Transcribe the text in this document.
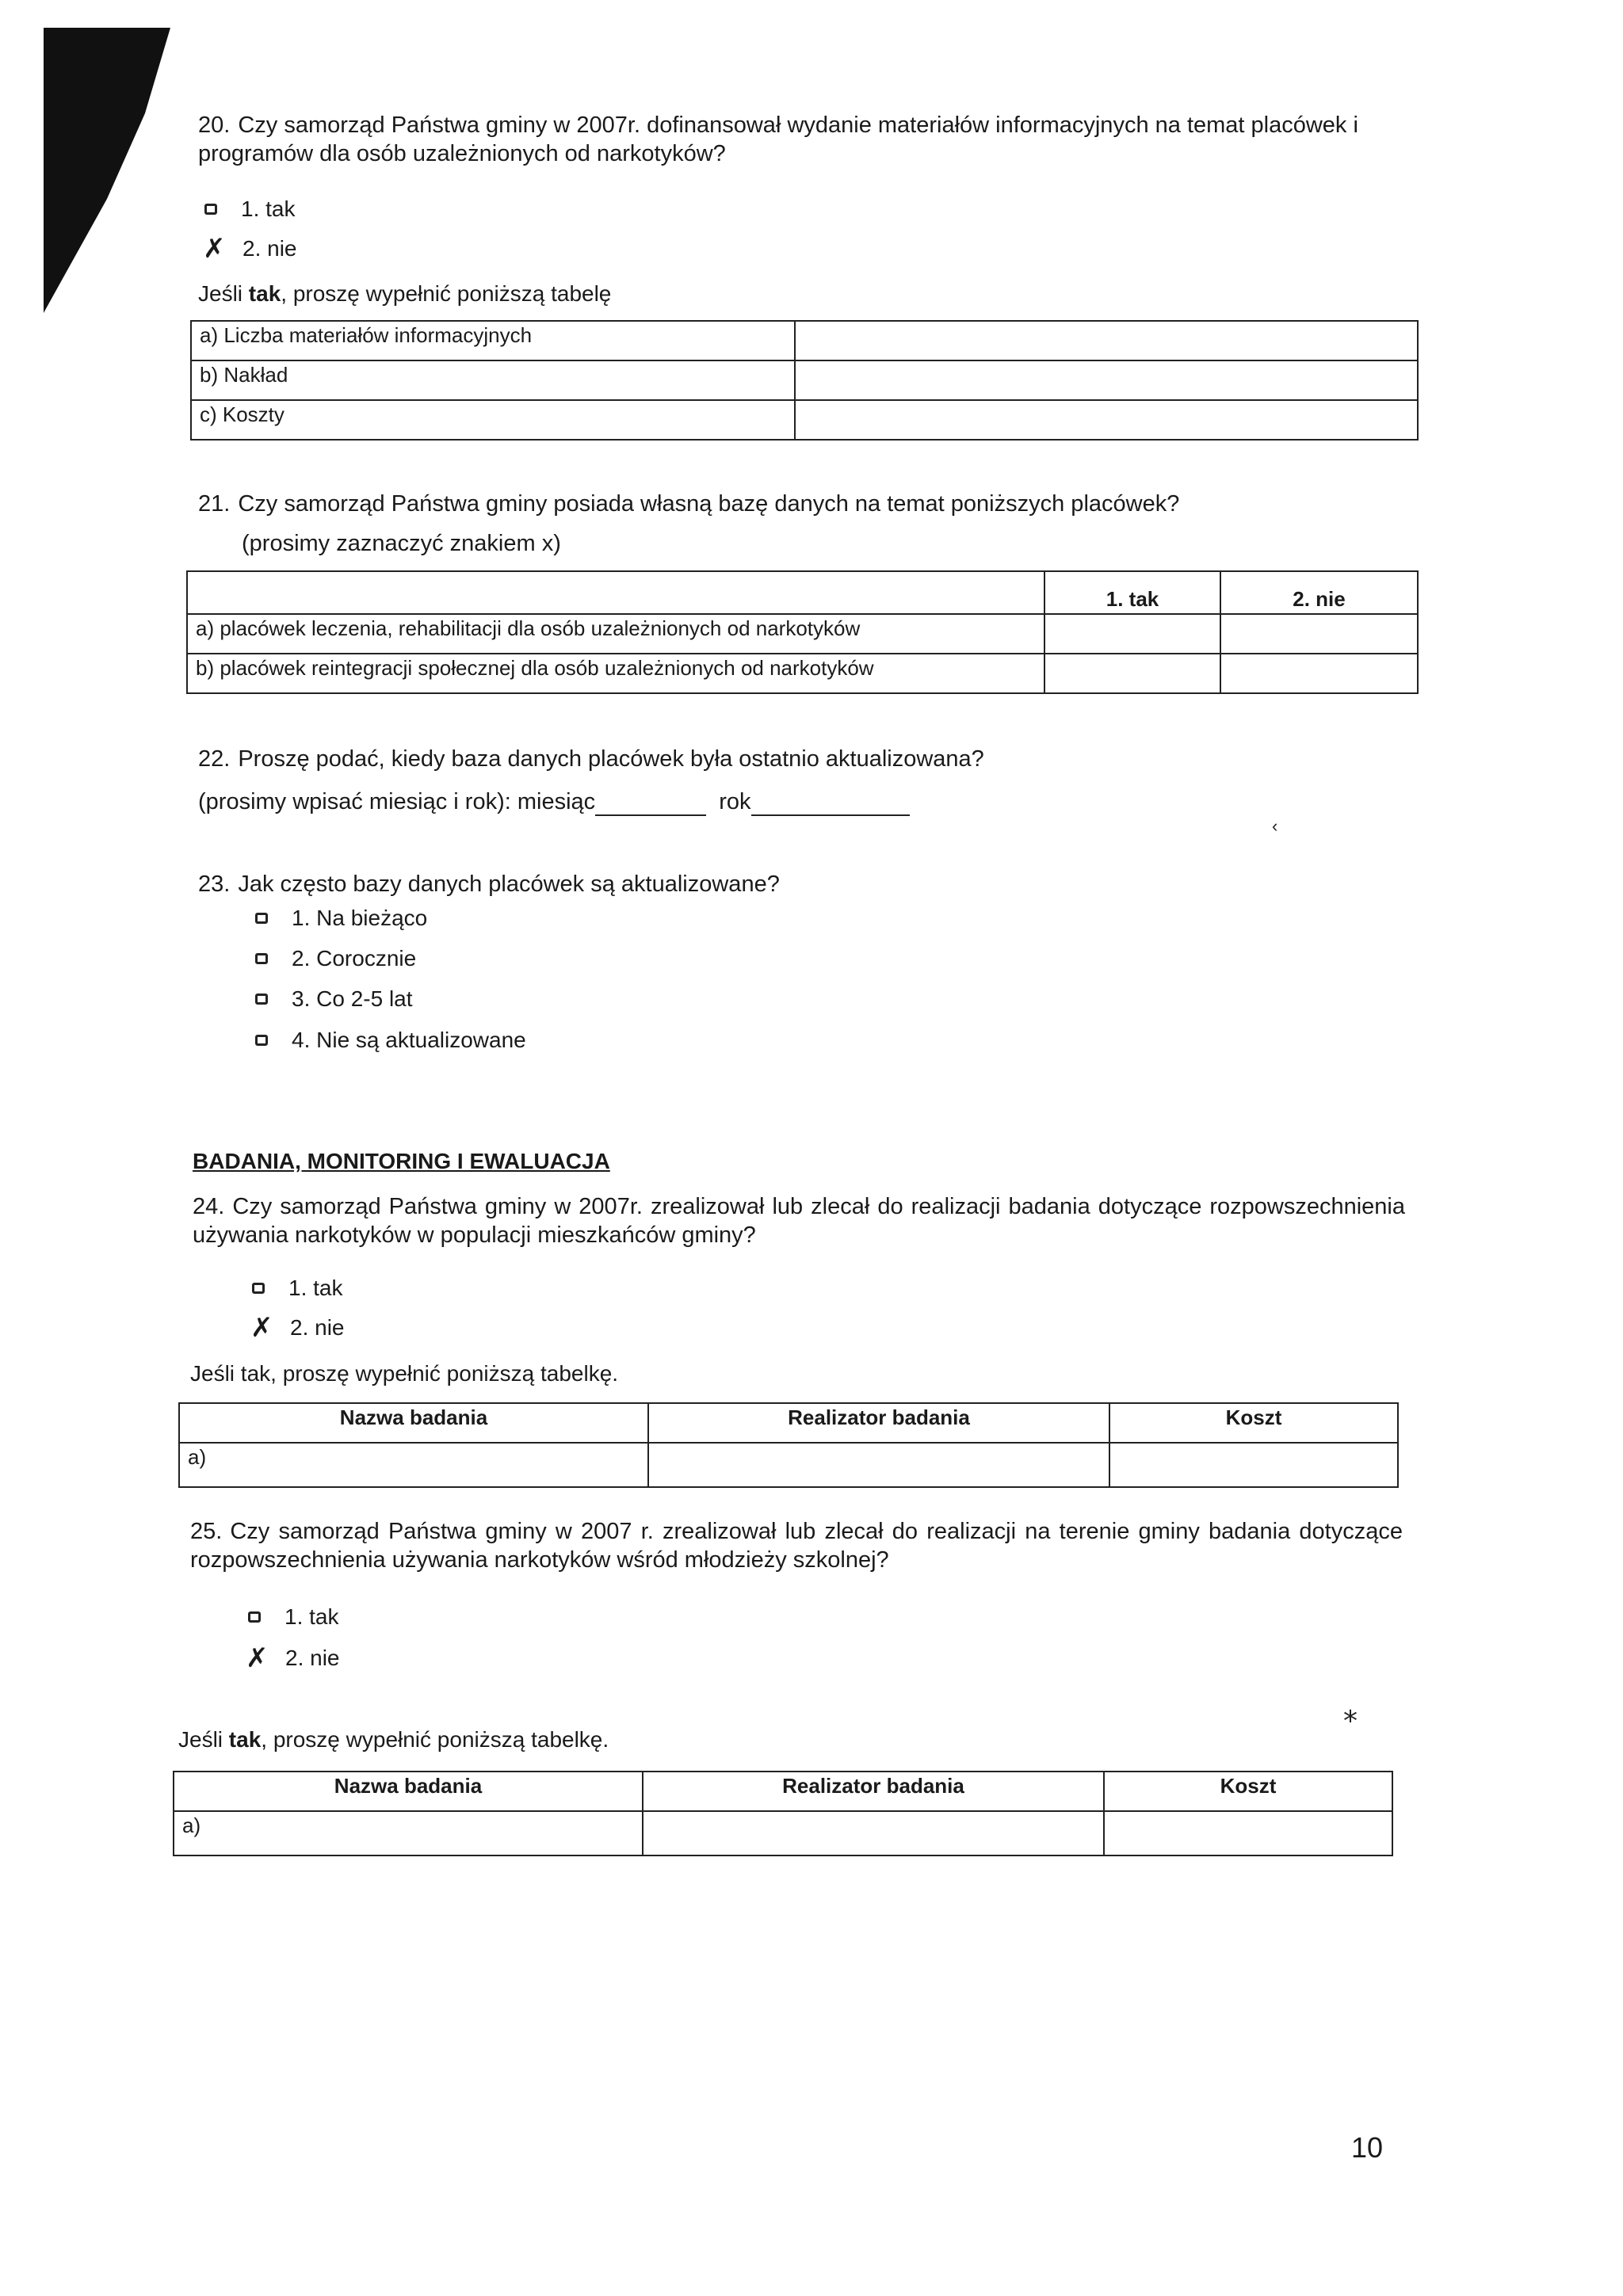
20. Czy samorząd Państwa gminy w 2007r. dofinansował wydanie materiałów informacyjnych na temat placówek i programów dla osób uzależnionych od narkotyków?
1. tak
✗ 2. nie
Jeśli tak, proszę wypełnić poniższą tabelę
a) Liczba materiałów informacyjnych	
b) Nakład	
c) Koszty	
21. Czy samorząd Państwa gminy posiada własną bazę danych na temat poniższych placówek?
(prosimy zaznaczyć znakiem x)
	1. tak	2. nie
a) placówek leczenia, rehabilitacji dla osób uzależnionych od narkotyków		
b) placówek reintegracji społecznej dla osób uzależnionych od narkotyków		
22. Proszę podać, kiedy baza danych placówek była ostatnio aktualizowana?
(prosimy wpisać miesiąc i rok): miesiąc	rok
‹
23. Jak często bazy danych placówek są aktualizowane?
1. Na bieżąco
2. Corocznie
3. Co 2-5 lat
4. Nie są aktualizowane
BADANIA, MONITORING I EWALUACJA
24. Czy samorząd Państwa gminy w 2007r. zrealizował lub zlecał do realizacji badania dotyczące rozpowszechnienia używania narkotyków w populacji mieszkańców gminy?
1. tak
✗ 2. nie
Jeśli tak, proszę wypełnić poniższą tabelkę.
Nazwa badania	Realizator badania	Koszt
a)		
25. Czy samorząd Państwa gminy w 2007 r. zrealizował lub zlecał do realizacji na terenie gminy badania dotyczące rozpowszechnienia używania narkotyków wśród młodzieży szkolnej?
1. tak
✗ 2. nie
⁎
Jeśli tak, proszę wypełnić poniższą tabelkę.
Nazwa badania	Realizator badania	Koszt
a)		
10
